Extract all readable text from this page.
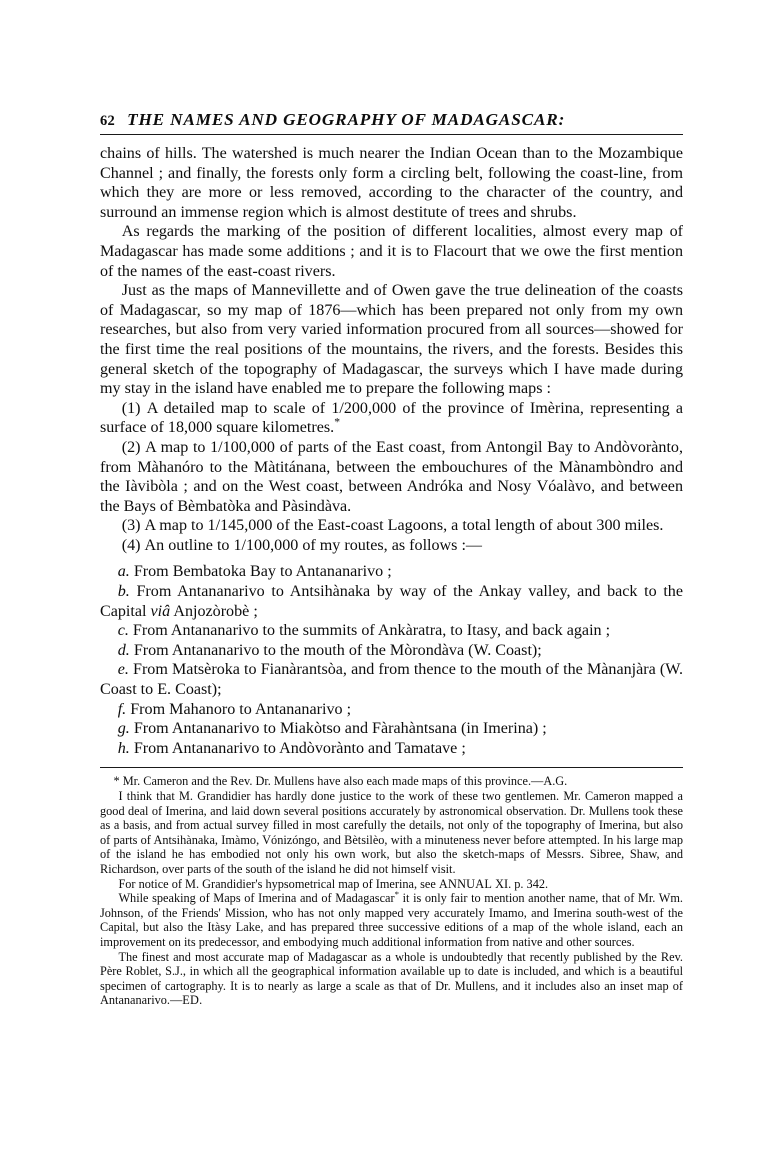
62 THE NAMES AND GEOGRAPHY OF MADAGASCAR:

chains of hills. The watershed is much nearer the Indian Ocean than to the Mozambique Channel ; and finally, the forests only form a circling belt, following the coast-line, from which they are more or less removed, according to the character of the country, and surround an immense region which is almost destitute of trees and shrubs.

As regards the marking of the position of different localities, almost every map of Madagascar has made some additions ; and it is to Flacourt that we owe the first mention of the names of the east-coast rivers.

Just as the maps of Mannevillette and of Owen gave the true delineation of the coasts of Madagascar, so my map of 1876—which has been prepared not only from my own researches, but also from very varied information procured from all sources—showed for the first time the real positions of the mountains, the rivers, and the forests. Besides this general sketch of the topography of Madagascar, the surveys which I have made during my stay in the island have enabled me to prepare the following maps :

(1) A detailed map to scale of 1/200,000 of the province of Imèrina, representing a surface of 18,000 square kilometres.*

(2) A map to 1/100,000 of parts of the East coast, from Antongil Bay to Andòvorànto, from Màhanóro to the Màtitánana, between the embouchures of the Mànambòndro and the Iàvibòla ; and on the West coast, between Andróka and Nosy Vóalàvo, and between the Bays of Bèmbatòka and Pàsindàva.

(3) A map to 1/145,000 of the East-coast Lagoons, a total length of about 300 miles.

(4) An outline to 1/100,000 of my routes, as follows :—

a. From Bembatoka Bay to Antananarivo ;

b. From Antananarivo to Antsihànaka by way of the Ankay valley, and back to the Capital viâ Anjozòrobè ;

c. From Antananarivo to the summits of Ankàratra, to Itasy, and back again ;

d. From Antananarivo to the mouth of the Mòrondàva (W. Coast);

e. From Matsèroka to Fianàrantsòa, and from thence to the mouth of the Mànanjàra (W. Coast to E. Coast);

f. From Mahanoro to Antananarivo ;

g. From Antananarivo to Miakòtso and Fàrahàntsana (in Imerina) ;

h. From Antananarivo to Andòvorànto and Tamatave ;

* Mr. Cameron and the Rev. Dr. Mullens have also each made maps of this province.—A.G.

I think that M. Grandidier has hardly done justice to the work of these two gentlemen. Mr. Cameron mapped a good deal of Imerina, and laid down several positions accurately by astronomical observation. Dr. Mullens took these as a basis, and from actual survey filled in most carefully the details, not only of the topography of Imerina, but also of parts of Antsihànaka, Imàmo, Vónizóngo, and Bètsilèo, with a minuteness never before attempted. In his large map of the island he has embodied not only his own work, but also the sketch-maps of Messrs. Sibree, Shaw, and Richardson, over parts of the south of the island he did not himself visit.

For notice of M. Grandidier's hypsometrical map of Imerina, see ANNUAL XI. p. 342.

While speaking of Maps of Imerina and of Madagascar* it is only fair to mention another name, that of Mr. Wm. Johnson, of the Friends' Mission, who has not only mapped very accurately Imamo, and Imerina south-west of the Capital, but also the Itàsy Lake, and has prepared three successive editions of a map of the whole island, each an improvement on its predecessor, and embodying much additional information from native and other sources.

The finest and most accurate map of Madagascar as a whole is undoubtedly that recently published by the Rev. Père Roblet, S.J., in which all the geographical information available up to date is included, and which is a beautiful specimen of cartography. It is to nearly as large a scale as that of Dr. Mullens, and it includes also an inset map of Antananarivo.—ED.
